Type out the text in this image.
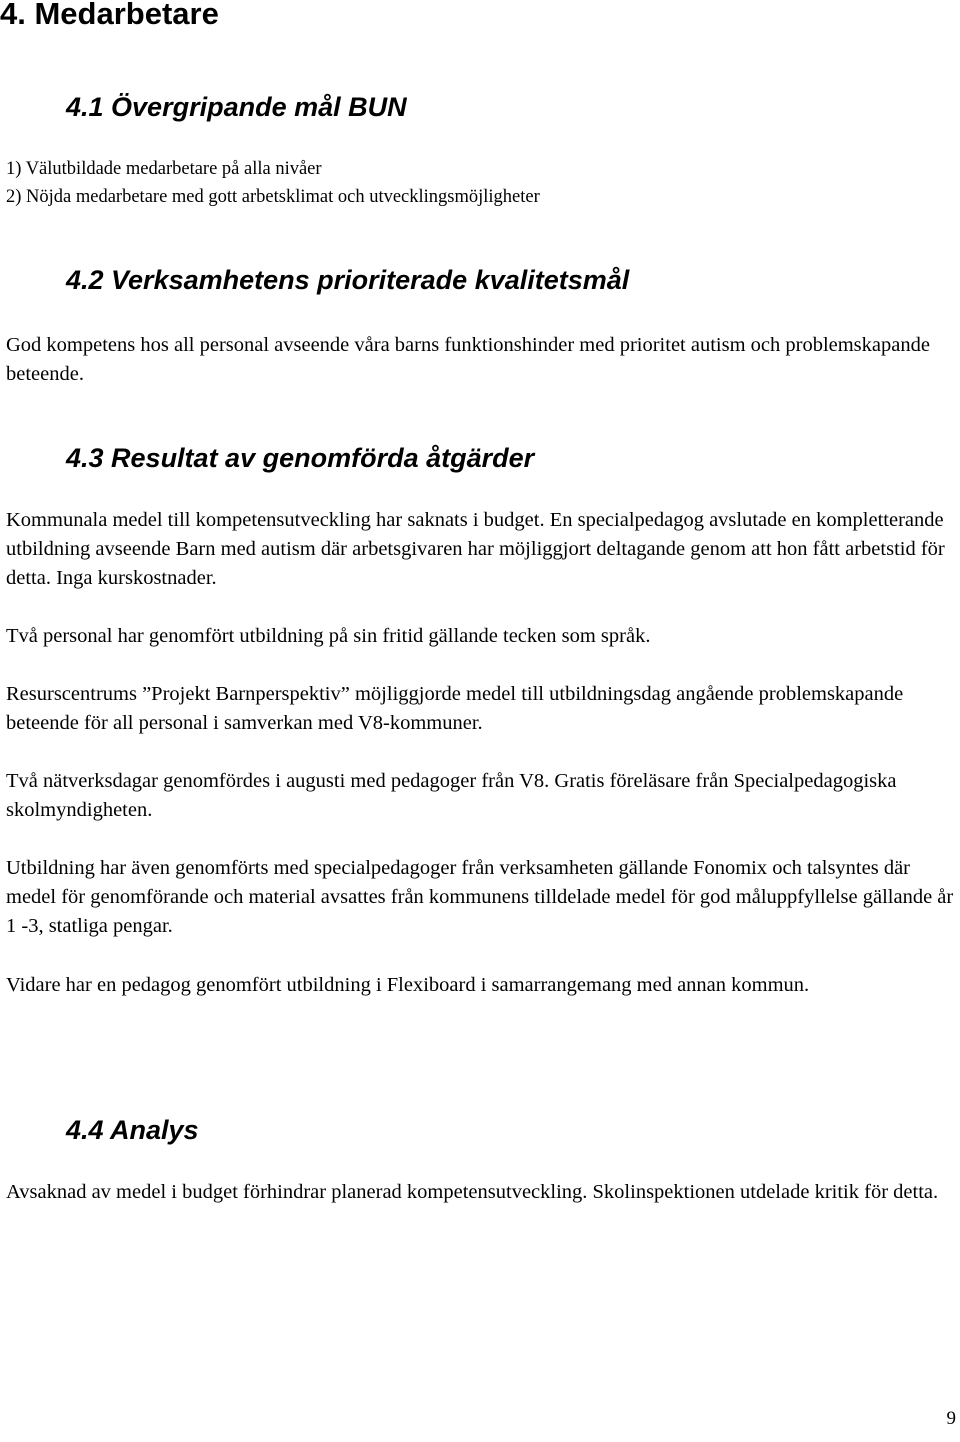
4. Medarbetare
4.1 Övergripande mål BUN
1) Välutbildade medarbetare på alla nivåer
2) Nöjda medarbetare med gott arbetsklimat och utvecklingsmöjligheter
4.2 Verksamhetens prioriterade kvalitetsmål

God kompetens hos all personal avseende våra barns funktionshinder med prioritet autism och problemskapande beteende.

4.3 Resultat av genomförda åtgärder

Kommunala medel till kompetensutveckling har saknats i budget. En specialpedagog avslutade en kompletterande utbildning avseende Barn med autism där arbetsgivaren har möjliggjort deltagande genom att hon fått arbetstid för detta. Inga kurskostnader.

Två personal har genomfört utbildning på sin fritid gällande tecken som språk.

Resurscentrums ”Projekt Barnperspektiv” möjliggjorde medel till utbildningsdag angående problemskapande beteende för all personal i samverkan med V8-kommuner.

Två nätverksdagar genomfördes i augusti med pedagoger från V8. Gratis föreläsare från Specialpedagogiska skolmyndigheten.

Utbildning har även genomförts med specialpedagoger från verksamheten gällande Fonomix och talsyntes där medel för genomförande och material avsattes från kommunens tilldelade medel för god måluppfyllelse gällande år 1 -3, statliga pengar.

Vidare har en pedagog genomfört utbildning i Flexiboard i samarrangemang med annan kommun.

4.4 Analys

Avsaknad av medel i budget förhindrar planerad kompetensutveckling. Skolinspektionen utdelade kritik för detta.

9
